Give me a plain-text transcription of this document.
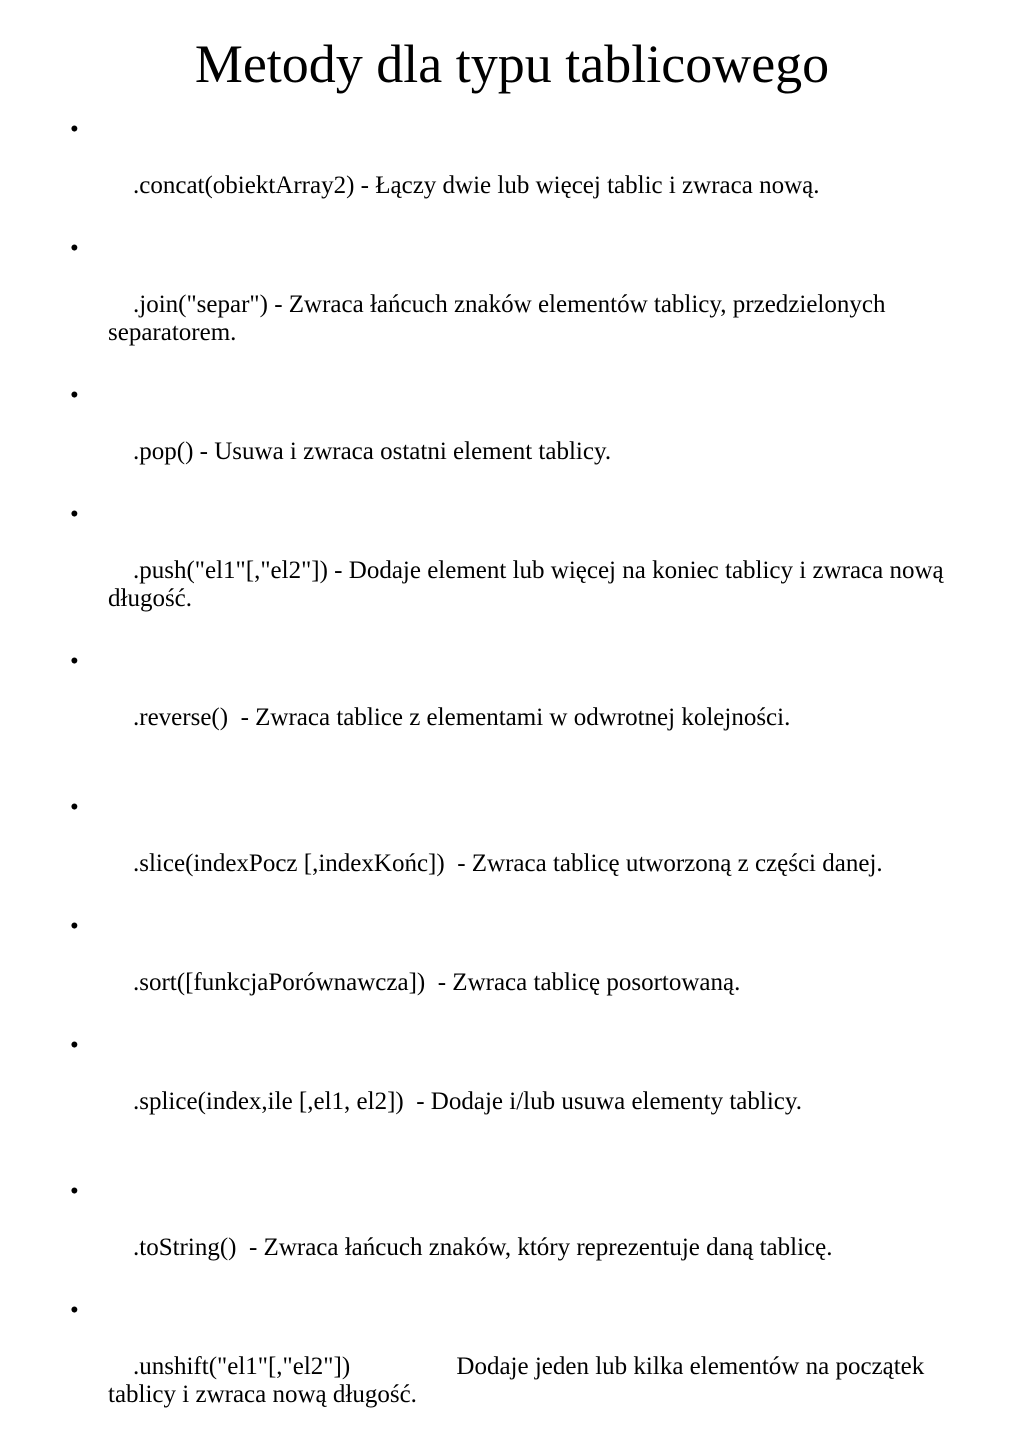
Metody dla typu tablicowego

•

.concat(obiektArray2) - Łączy dwie lub więcej tablic i zwraca nową.

•

.join("separ") - Zwraca łańcuch znaków elementów tablicy, przedzielonych separatorem.

•

.pop() - Usuwa i zwraca ostatni element tablicy.

•

.push("el1"[,"el2"]) - Dodaje element lub więcej na koniec tablicy i zwraca nową długość.

•

.reverse()  - Zwraca tablice z elementami w odwrotnej kolejności.

•

.slice(indexPocz [,indexKońc])  - Zwraca tablicę utworzoną z części danej.

•

.sort([funkcjaPorównawcza])  - Zwraca tablicę posortowaną.

•

.splice(index,ile [,el1, el2])  - Dodaje i/lub usuwa elementy tablicy.

•

.toString()  - Zwraca łańcuch znaków, który reprezentuje daną tablicę.

•

.unshift("el1"[,"el2"])                 Dodaje jeden lub kilka elementów na początek tablicy i zwraca nową długość.
